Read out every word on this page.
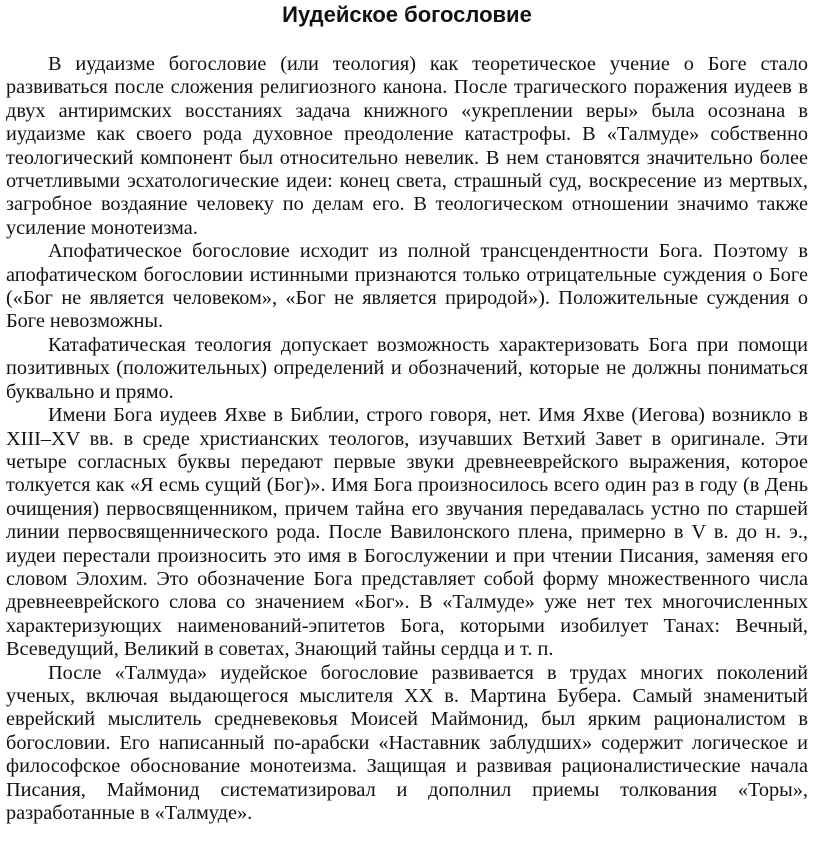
Иудейское богословие

В иудаизме богословие (или теология) как теоретическое учение о Боге стало развиваться после сложения религиозного канона. После трагического поражения иудеев в двух антиримских восстаниях задача книжного «укреплении веры» была осознана в иудаизме как своего рода духовное преодоление катастрофы. В «Талмуде» собственно теологический компонент был относительно невелик. В нем становятся значительно более отчетливыми эсхатологические идеи: конец света, страшный суд, воскресение из мертвых, загробное воздаяние человеку по делам его. В теологическом отношении значимо также усиление монотеизма.

Апофатическое богословие исходит из полной трансцендентности Бога. Поэтому в апофатическом богословии истинными признаются только отрицательные суждения о Боге («Бог не является человеком», «Бог не является природой»). Положительные суждения о Боге невозможны.

Катафатическая теология допускает возможность характеризовать Бога при помощи позитивных (положительных) определений и обозначений, которые не должны пониматься буквально и прямо.

Имени Бога иудеев Яхве в Библии, строго говоря, нет. Имя Яхве (Иегова) возникло в XIII–XV вв. в среде христианских теологов, изучавших Ветхий Завет в оригинале. Эти четыре согласных буквы передают первые звуки древнееврейского выражения, которое толкуется как «Я есмь сущий (Бог)». Имя Бога произносилось всего один раз в году (в День очищения) первосвященником, причем тайна его звучания передавалась устно по старшей линии первосвященнического рода. После Вавилонского плена, примерно в V в. до н. э., иудеи перестали произносить это имя в Богослужении и при чтении Писания, заменяя его словом Элохим. Это обозначение Бога представляет собой форму множественного числа древнееврейского слова со значением «Бог». В «Талмуде» уже нет тех многочисленных характеризующих наименований-эпитетов Бога, которыми изобилует Танах: Вечный, Всеведущий, Великий в советах, Знающий тайны сердца и т. п.

После «Талмуда» иудейское богословие развивается в трудах многих поколений ученых, включая выдающегося мыслителя XX в. Мартина Бубера. Самый знаменитый еврейский мыслитель средневековья Моисей Маймонид, был ярким рационалистом в богословии. Его написанный по-арабски «Наставник заблудших» содержит логическое и философское обоснование монотеизма. Защищая и развивая рационалистические начала Писания, Маймонид систематизировал и дополнил приемы толкования «Торы», разработанные в «Талмуде».
